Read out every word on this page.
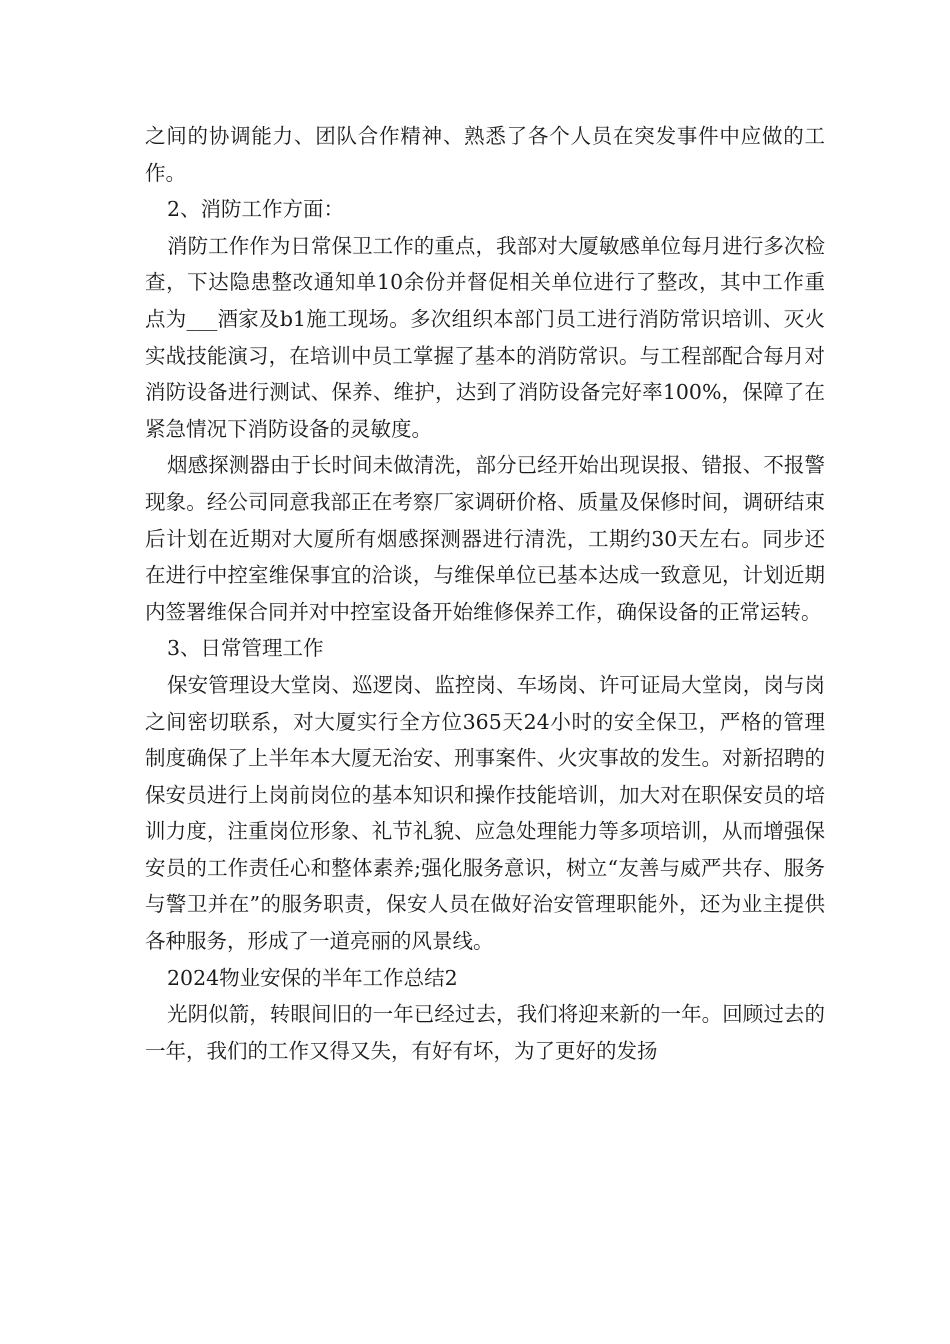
之间的协调能力、团队合作精神、熟悉了各个人员在突发事件中应做的工作。

2、消防工作方面：

消防工作作为日常保卫工作的重点，我部对大厦敏感单位每月进行多次检查，下达隐患整改通知单10余份并督促相关单位进行了整改，其中工作重点为___酒家及b1施工现场。多次组织本部门员工进行消防常识培训、灭火实战技能演习，在培训中员工掌握了基本的消防常识。与工程部配合每月对消防设备进行测试、保养、维护，达到了消防设备完好率100%，保障了在紧急情况下消防设备的灵敏度。

烟感探测器由于长时间未做清洗，部分已经开始出现误报、错报、不报警现象。经公司同意我部正在考察厂家调研价格、质量及保修时间，调研结束后计划在近期对大厦所有烟感探测器进行清洗，工期约30天左右。同步还在进行中控室维保事宜的洽谈，与维保单位已基本达成一致意见，计划近期内签署维保合同并对中控室设备开始维修保养工作，确保设备的正常运转。

3、日常管理工作

保安管理设大堂岗、巡逻岗、监控岗、车场岗、许可证局大堂岗，岗与岗之间密切联系，对大厦实行全方位365天24小时的安全保卫，严格的管理制度确保了上半年本大厦无治安、刑事案件、火灾事故的发生。对新招聘的保安员进行上岗前岗位的基本知识和操作技能培训，加大对在职保安员的培训力度，注重岗位形象、礼节礼貌、应急处理能力等多项培训，从而增强保安员的工作责任心和整体素养;强化服务意识，树立“友善与威严共存、服务与警卫并在”的服务职责，保安人员在做好治安管理职能外，还为业主提供各种服务，形成了一道亮丽的风景线。

2024物业安保的半年工作总结2

光阴似箭，转眼间旧的一年已经过去，我们将迎来新的一年。回顾过去的一年，我们的工作又得又失，有好有坏，为了更好的发扬
